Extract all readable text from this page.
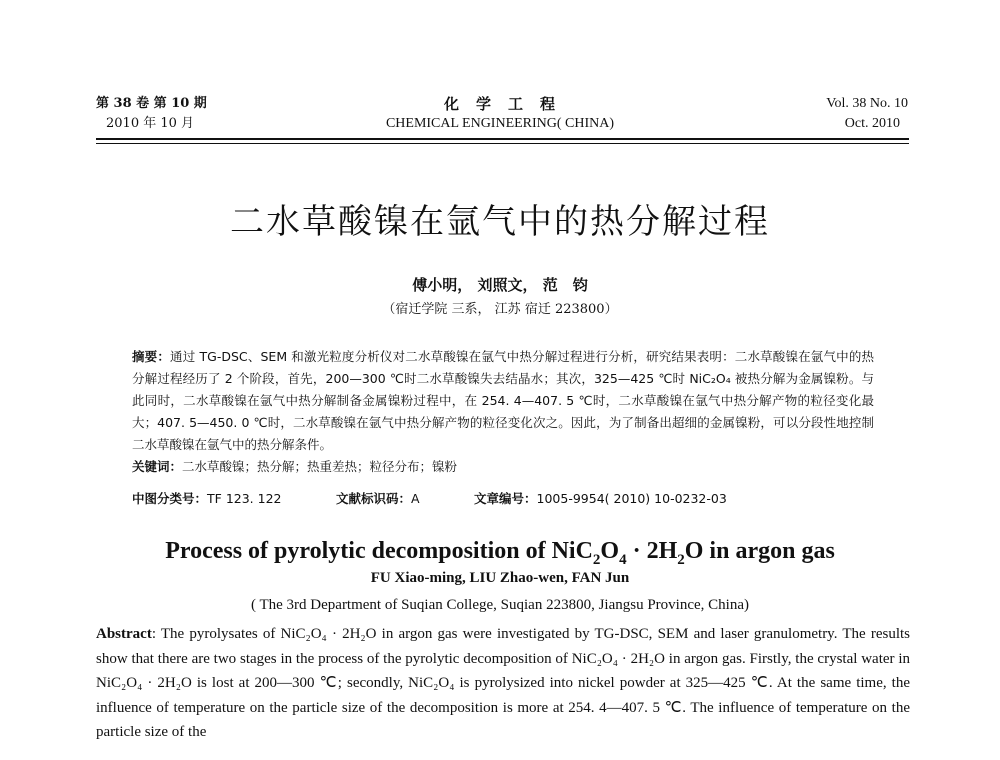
第 38 卷 第 10 期
2010 年 10 月
化　学　工　程
CHEMICAL ENGINEERING( CHINA)
Vol. 38 No. 10
Oct. 2010
二水草酸镍在氩气中的热分解过程
傅小明， 刘照文， 范　钧
（宿迁学院 三系， 江苏 宿迁 223800）
摘要：通过 TG-DSC、SEM 和激光粒度分析仪对二水草酸镍在氩气中热分解过程进行分析，研究结果表明：二水草酸镍在氩气中的热分解过程经历了 2 个阶段，首先，200—300 ℃时二水草酸镍失去结晶水；其次，325—425 ℃时 NiC₂O₄ 被热分解为金属镍粉。与此同时，二水草酸镍在氩气中热分解制备金属镍粉过程中，在 254. 4—407. 5 ℃时，二水草酸镍在氩气中热分解产物的粒径变化最大；407. 5—450. 0 ℃时，二水草酸镍在氩气中热分解产物的粒径变化次之。因此，为了制备出超细的金属镍粉，可以分段性地控制二水草酸镍在氩气中的热分解条件。
关键词：二水草酸镍；热分解；热重差热；粒径分布；镍粉
中图分类号：TF 123. 122	文献标识码：A	文章编号：1005-9954( 2010) 10-0232-03
Process of pyrolytic decomposition of $NiC_2O_4 \cdot 2H_2O$ in argon gas
FU Xiao-ming, LIU Zhao-wen, FAN Jun
( The 3rd Department of Suqian College, Suqian 223800, Jiangsu Province, China)
Abstract: The pyrolysates of NiC₂O₄ · 2H₂O in argon gas were investigated by TG-DSC, SEM and laser granulometry. The results show that there are two stages in the process of the pyrolytic decomposition of NiC₂O₄ · 2H₂O in argon gas. Firstly, the crystal water in NiC₂O₄ · 2H₂O is lost at 200—300 ℃; secondly, NiC₂O₄ is pyrolysized into nickel powder at 325—425 ℃. At the same time, the influence of temperature on the particle size of the decomposition is more at 254. 4—407. 5 ℃. The influence of temperature on the particle size of the
